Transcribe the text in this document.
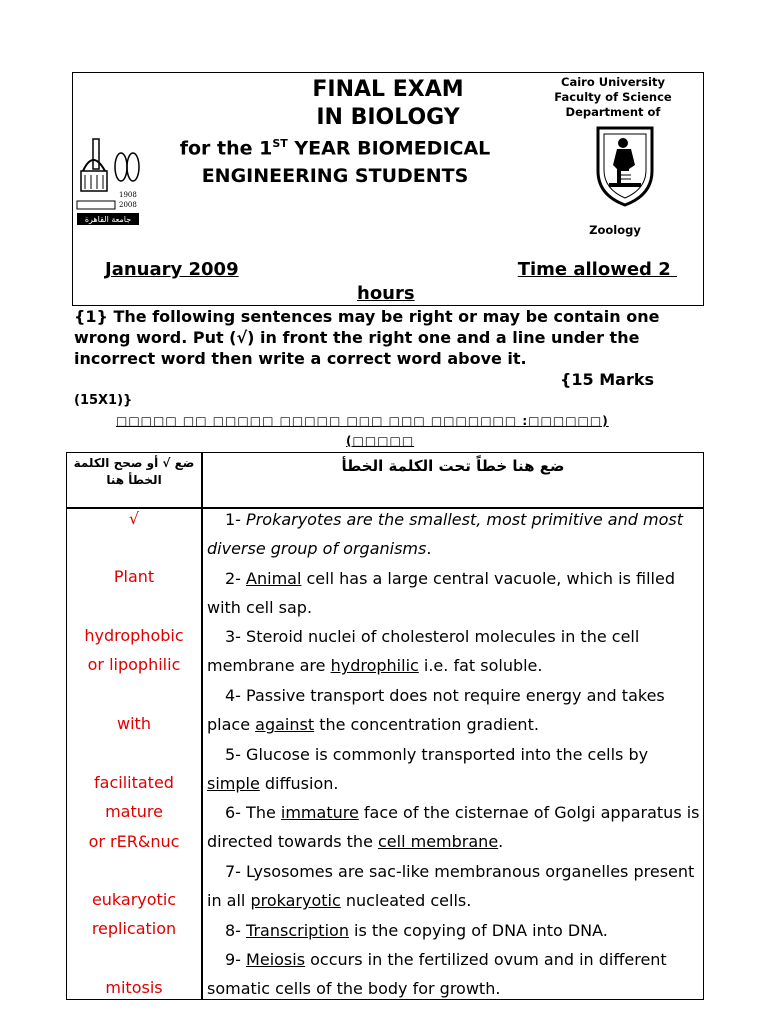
1908
2008
جامعة القاهرة
FINAL EXAM
IN BIOLOGY
for the 1ST YEAR BIOMEDICAL
ENGINEERING STUDENTS
Cairo University
Faculty of Science
Department of
Zoology
January 2009	Time allowed 2
hours
{1} The following sentences may be right or may be contain one wrong word. Put (√) in front the right one and a line under the incorrect word then write a correct word above it.
{15 Marks
(15X1)}
□□□□□ □□ □□□□□ □□□□□ □□□ □□□ □□□□□□□ :□□□□□□)
(□□□□□
ضع √ أو صحح الكلمة الخطأ هنا
ضع هنا خطاً تحت الكلمة الخطأ
√
Plant
hydrophobic
or lipophilic
with
facilitated
mature
or rER&nuc
eukaryotic
replication
mitosis
1- Prokaryotes are the smallest, most primitive and most diverse group of organisms.
2- Animal cell has a large central vacuole, which is filled with cell sap.
3- Steroid nuclei of cholesterol molecules in the cell membrane are hydrophilic i.e. fat soluble.
4- Passive transport does not require energy and takes place against the concentration gradient.
5- Glucose is commonly transported into the cells by simple diffusion.
6- The immature face of the cisternae of Golgi apparatus is directed towards the cell membrane.
7- Lysosomes are sac-like membranous organelles present in all prokaryotic nucleated cells.
8- Transcription is the copying of DNA into DNA.
9- Meiosis occurs in the fertilized ovum and in different somatic cells of the body for growth.
